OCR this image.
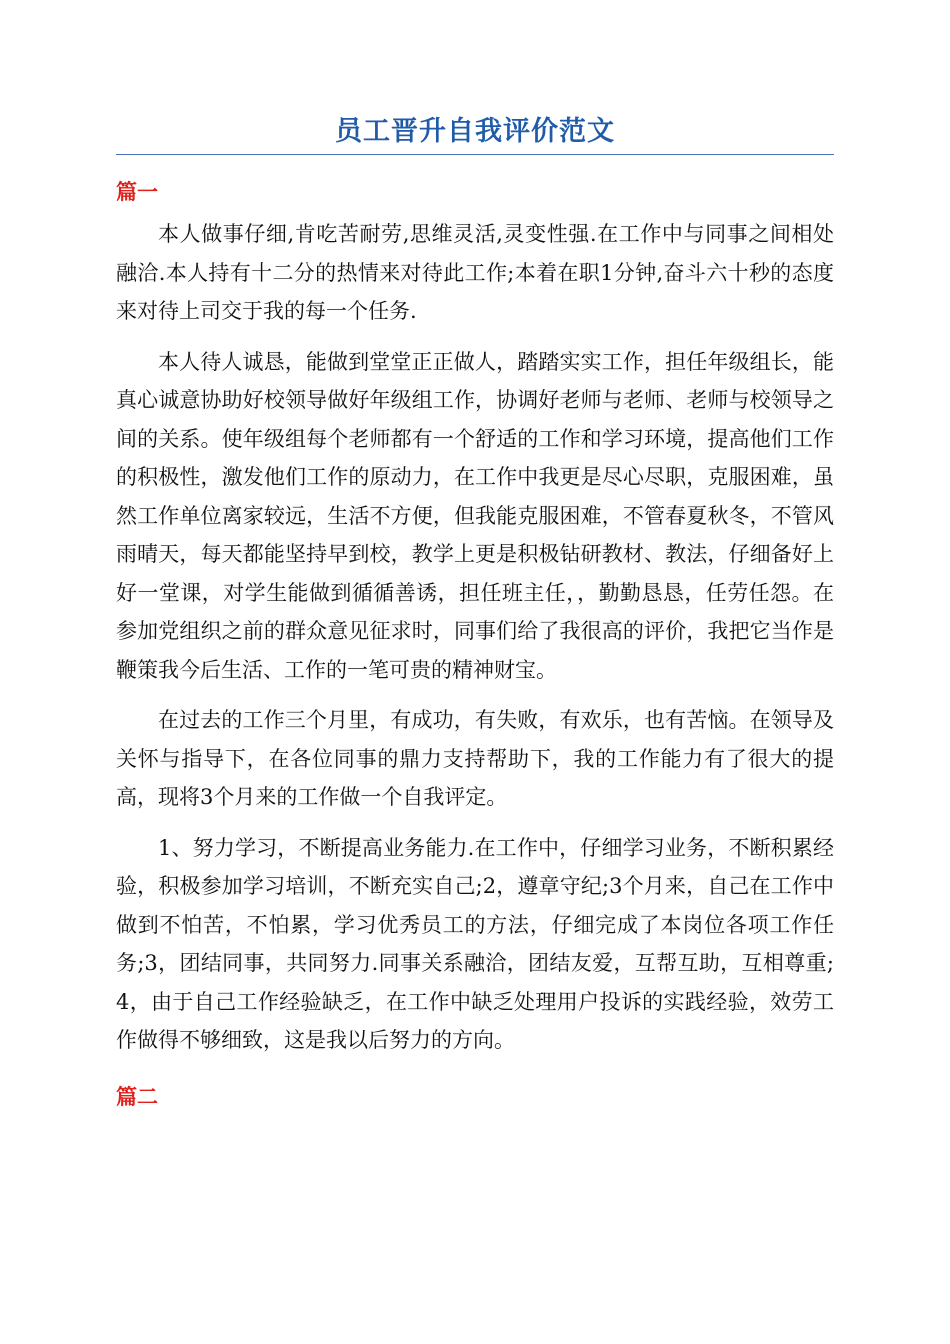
员工晋升自我评价范文
篇一

本人做事仔细,肯吃苦耐劳,思维灵活,灵变性强.在工作中与同事之间相处融洽.本人持有十二分的热情来对待此工作;本着在职1分钟,奋斗六十秒的态度来对待上司交于我的每一个任务.

本人待人诚恳，能做到堂堂正正做人，踏踏实实工作，担任年级组长，能真心诚意协助好校领导做好年级组工作，协调好老师与老师、老师与校领导之间的关系。使年级组每个老师都有一个舒适的工作和学习环境，提高他们工作的积极性，激发他们工作的原动力，在工作中我更是尽心尽职，克服困难，虽然工作单位离家较远，生活不方便，但我能克服困难，不管春夏秋冬，不管风雨晴天，每天都能坚持早到校，教学上更是积极钻研教材、教法，仔细备好上好一堂课，对学生能做到循循善诱，担任班主任，，勤勤恳恳，任劳任怨。在参加党组织之前的群众意见征求时，同事们给了我很高的评价，我把它当作是鞭策我今后生活、工作的一笔可贵的精神财宝。

在过去的工作三个月里，有成功，有失败，有欢乐，也有苦恼。在领导及关怀与指导下，在各位同事的鼎力支持帮助下，我的工作能力有了很大的提高，现将3个月来的工作做一个自我评定。

1、努力学习，不断提高业务能力.在工作中，仔细学习业务，不断积累经验，积极参加学习培训，不断充实自己;2，遵章守纪;3个月来，自己在工作中做到不怕苦，不怕累，学习优秀员工的方法，仔细完成了本岗位各项工作任务;3，团结同事，共同努力.同事关系融洽，团结友爱，互帮互助，互相尊重;4，由于自己工作经验缺乏，在工作中缺乏处理用户投诉的实践经验，效劳工作做得不够细致，这是我以后努力的方向。

篇二
